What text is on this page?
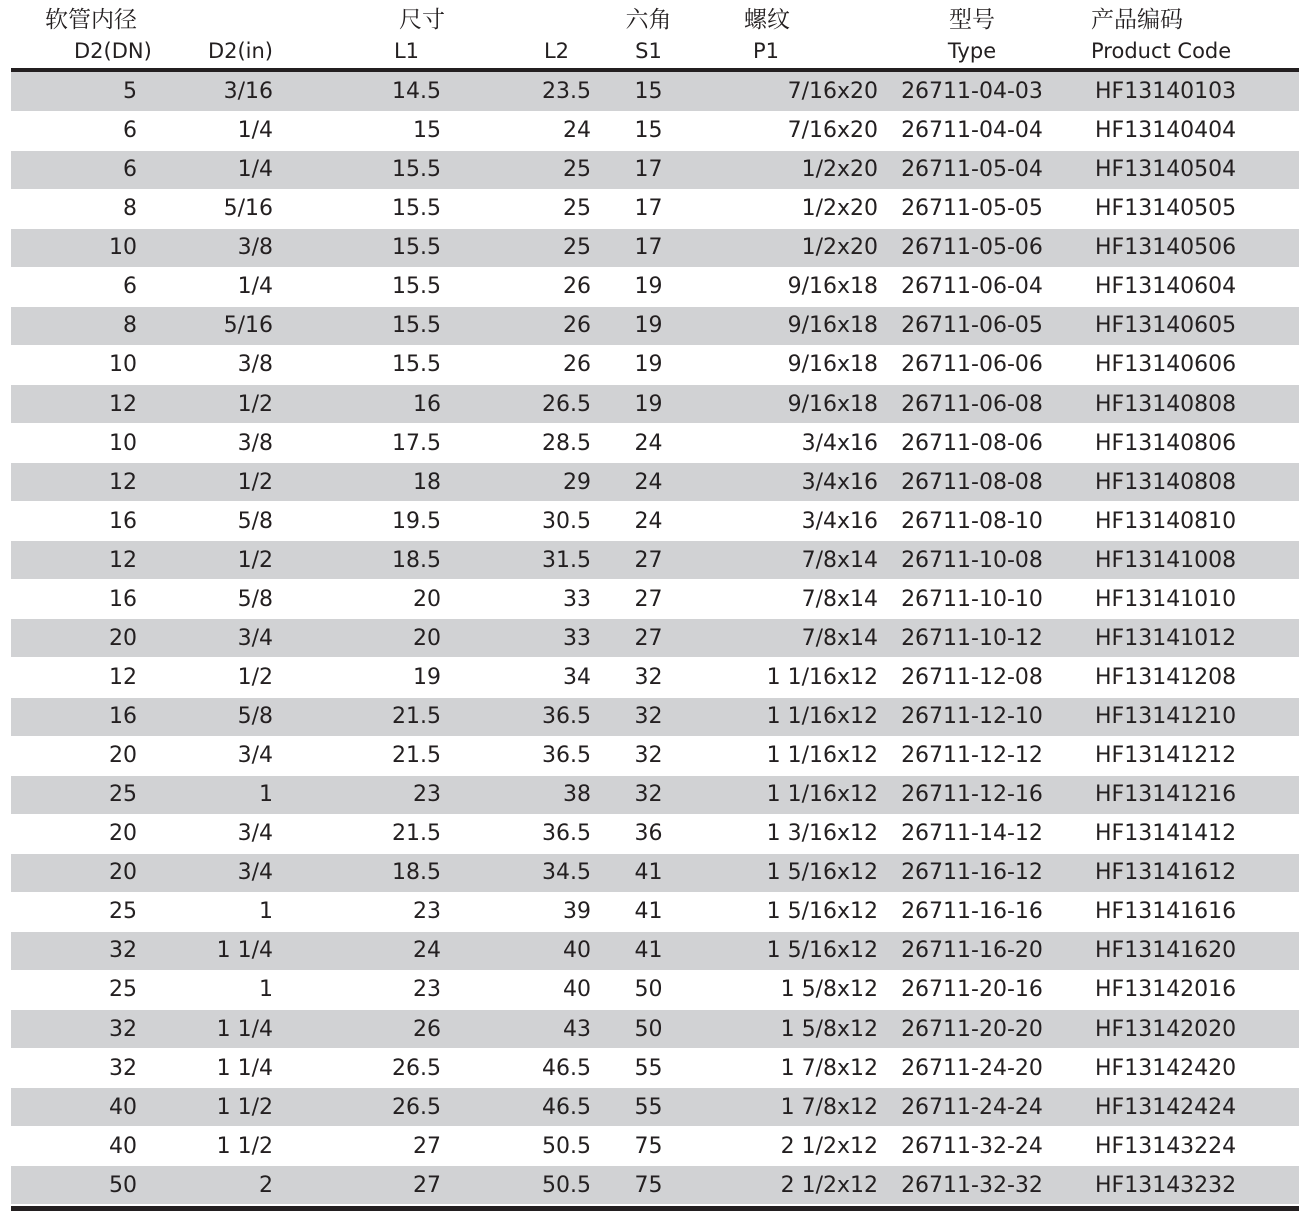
软管内径		尺寸		六角	螺纹	型号	产品编码
D2(DN)	D2(in)	L1	L2	S1	P1	Type	Product Code

5	3/16	14.5	23.5	15	7/16x20	26711-04-03	HF13140103
6	1/4	15	24	15	7/16x20	26711-04-04	HF13140404
6	1/4	15.5	25	17	1/2x20	26711-05-04	HF13140504
8	5/16	15.5	25	17	1/2x20	26711-05-05	HF13140505
10	3/8	15.5	25	17	1/2x20	26711-05-06	HF13140506
6	1/4	15.5	26	19	9/16x18	26711-06-04	HF13140604
8	5/16	15.5	26	19	9/16x18	26711-06-05	HF13140605
10	3/8	15.5	26	19	9/16x18	26711-06-06	HF13140606
12	1/2	16	26.5	19	9/16x18	26711-06-08	HF13140808
10	3/8	17.5	28.5	24	3/4x16	26711-08-06	HF13140806
12	1/2	18	29	24	3/4x16	26711-08-08	HF13140808
16	5/8	19.5	30.5	24	3/4x16	26711-08-10	HF13140810
12	1/2	18.5	31.5	27	7/8x14	26711-10-08	HF13141008
16	5/8	20	33	27	7/8x14	26711-10-10	HF13141010
20	3/4	20	33	27	7/8x14	26711-10-12	HF13141012
12	1/2	19	34	32	1 1/16x12	26711-12-08	HF13141208
16	5/8	21.5	36.5	32	1 1/16x12	26711-12-10	HF13141210
20	3/4	21.5	36.5	32	1 1/16x12	26711-12-12	HF13141212
25	1	23	38	32	1 1/16x12	26711-12-16	HF13141216
20	3/4	21.5	36.5	36	1 3/16x12	26711-14-12	HF13141412
20	3/4	18.5	34.5	41	1 5/16x12	26711-16-12	HF13141612
25	1	23	39	41	1 5/16x12	26711-16-16	HF13141616
32	1 1/4	24	40	41	1 5/16x12	26711-16-20	HF13141620
25	1	23	40	50	1 5/8x12	26711-20-16	HF13142016
32	1 1/4	26	43	50	1 5/8x12	26711-20-20	HF13142020
32	1 1/4	26.5	46.5	55	1 7/8x12	26711-24-20	HF13142420
40	1 1/2	26.5	46.5	55	1 7/8x12	26711-24-24	HF13142424
40	1 1/2	27	50.5	75	2 1/2x12	26711-32-24	HF13143224
50	2	27	50.5	75	2 1/2x12	26711-32-32	HF13143232
